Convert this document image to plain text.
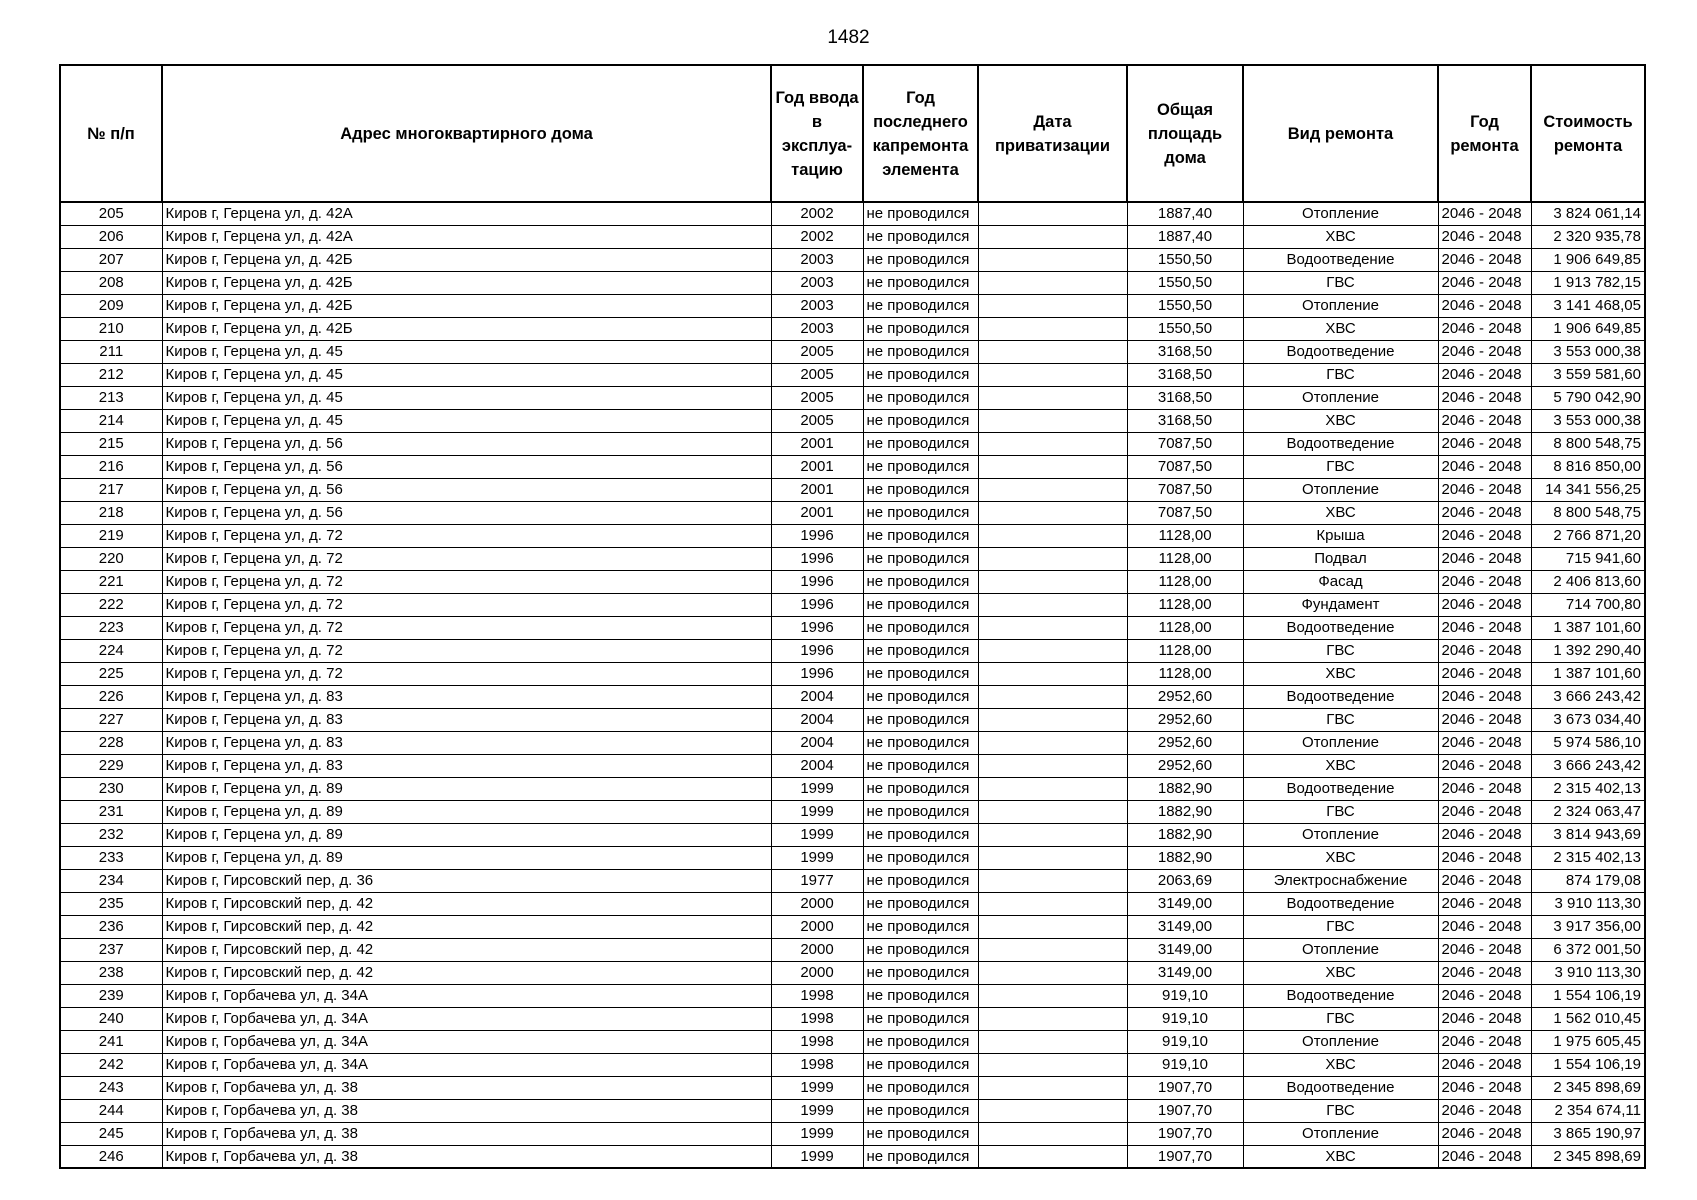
1482
№ п/п	Адрес многоквартирного дома	Год ввода в эксплуа-тацию	Год последнего капремонта элемента	Дата приватизации	Общая площадь дома	Вид ремонта	Год ремонта	Стоимость ремонта
205	Киров г, Герцена ул, д. 42А	2002	не проводился		1887,40	Отопление	2046 - 2048	3 824 061,14
206	Киров г, Герцена ул, д. 42А	2002	не проводился		1887,40	ХВС	2046 - 2048	2 320 935,78
207	Киров г, Герцена ул, д. 42Б	2003	не проводился		1550,50	Водоотведение	2046 - 2048	1 906 649,85
208	Киров г, Герцена ул, д. 42Б	2003	не проводился		1550,50	ГВС	2046 - 2048	1 913 782,15
209	Киров г, Герцена ул, д. 42Б	2003	не проводился		1550,50	Отопление	2046 - 2048	3 141 468,05
210	Киров г, Герцена ул, д. 42Б	2003	не проводился		1550,50	ХВС	2046 - 2048	1 906 649,85
211	Киров г, Герцена ул, д. 45	2005	не проводился		3168,50	Водоотведение	2046 - 2048	3 553 000,38
212	Киров г, Герцена ул, д. 45	2005	не проводился		3168,50	ГВС	2046 - 2048	3 559 581,60
213	Киров г, Герцена ул, д. 45	2005	не проводился		3168,50	Отопление	2046 - 2048	5 790 042,90
214	Киров г, Герцена ул, д. 45	2005	не проводился		3168,50	ХВС	2046 - 2048	3 553 000,38
215	Киров г, Герцена ул, д. 56	2001	не проводился		7087,50	Водоотведение	2046 - 2048	8 800 548,75
216	Киров г, Герцена ул, д. 56	2001	не проводился		7087,50	ГВС	2046 - 2048	8 816 850,00
217	Киров г, Герцена ул, д. 56	2001	не проводился		7087,50	Отопление	2046 - 2048	14 341 556,25
218	Киров г, Герцена ул, д. 56	2001	не проводился		7087,50	ХВС	2046 - 2048	8 800 548,75
219	Киров г, Герцена ул, д. 72	1996	не проводился		1128,00	Крыша	2046 - 2048	2 766 871,20
220	Киров г, Герцена ул, д. 72	1996	не проводился		1128,00	Подвал	2046 - 2048	715 941,60
221	Киров г, Герцена ул, д. 72	1996	не проводился		1128,00	Фасад	2046 - 2048	2 406 813,60
222	Киров г, Герцена ул, д. 72	1996	не проводился		1128,00	Фундамент	2046 - 2048	714 700,80
223	Киров г, Герцена ул, д. 72	1996	не проводился		1128,00	Водоотведение	2046 - 2048	1 387 101,60
224	Киров г, Герцена ул, д. 72	1996	не проводился		1128,00	ГВС	2046 - 2048	1 392 290,40
225	Киров г, Герцена ул, д. 72	1996	не проводился		1128,00	ХВС	2046 - 2048	1 387 101,60
226	Киров г, Герцена ул, д. 83	2004	не проводился		2952,60	Водоотведение	2046 - 2048	3 666 243,42
227	Киров г, Герцена ул, д. 83	2004	не проводился		2952,60	ГВС	2046 - 2048	3 673 034,40
228	Киров г, Герцена ул, д. 83	2004	не проводился		2952,60	Отопление	2046 - 2048	5 974 586,10
229	Киров г, Герцена ул, д. 83	2004	не проводился		2952,60	ХВС	2046 - 2048	3 666 243,42
230	Киров г, Герцена ул, д. 89	1999	не проводился		1882,90	Водоотведение	2046 - 2048	2 315 402,13
231	Киров г, Герцена ул, д. 89	1999	не проводился		1882,90	ГВС	2046 - 2048	2 324 063,47
232	Киров г, Герцена ул, д. 89	1999	не проводился		1882,90	Отопление	2046 - 2048	3 814 943,69
233	Киров г, Герцена ул, д. 89	1999	не проводился		1882,90	ХВС	2046 - 2048	2 315 402,13
234	Киров г, Гирсовский пер, д. 36	1977	не проводился		2063,69	Электроснабжение	2046 - 2048	874 179,08
235	Киров г, Гирсовский пер, д. 42	2000	не проводился		3149,00	Водоотведение	2046 - 2048	3 910 113,30
236	Киров г, Гирсовский пер, д. 42	2000	не проводился		3149,00	ГВС	2046 - 2048	3 917 356,00
237	Киров г, Гирсовский пер, д. 42	2000	не проводился		3149,00	Отопление	2046 - 2048	6 372 001,50
238	Киров г, Гирсовский пер, д. 42	2000	не проводился		3149,00	ХВС	2046 - 2048	3 910 113,30
239	Киров г, Горбачева ул, д. 34А	1998	не проводился		919,10	Водоотведение	2046 - 2048	1 554 106,19
240	Киров г, Горбачева ул, д. 34А	1998	не проводился		919,10	ГВС	2046 - 2048	1 562 010,45
241	Киров г, Горбачева ул, д. 34А	1998	не проводился		919,10	Отопление	2046 - 2048	1 975 605,45
242	Киров г, Горбачева ул, д. 34А	1998	не проводился		919,10	ХВС	2046 - 2048	1 554 106,19
243	Киров г, Горбачева ул, д. 38	1999	не проводился		1907,70	Водоотведение	2046 - 2048	2 345 898,69
244	Киров г, Горбачева ул, д. 38	1999	не проводился		1907,70	ГВС	2046 - 2048	2 354 674,11
245	Киров г, Горбачева ул, д. 38	1999	не проводился		1907,70	Отопление	2046 - 2048	3 865 190,97
246	Киров г, Горбачева ул, д. 38	1999	не проводился		1907,70	ХВС	2046 - 2048	2 345 898,69
